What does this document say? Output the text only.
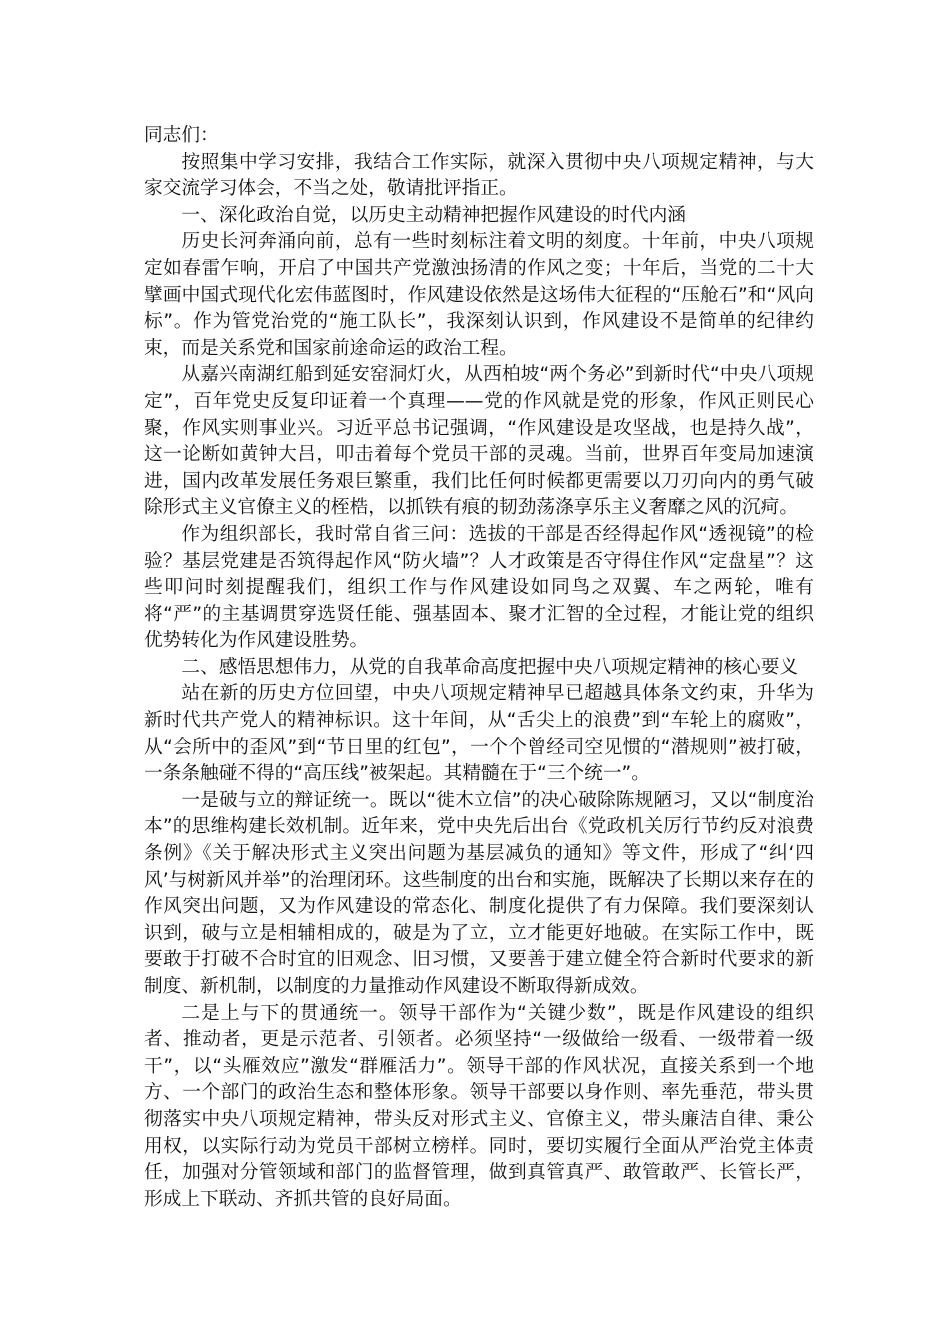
同志们：

按照集中学习安排，我结合工作实际，就深入贯彻中央八项规定精神，与大家交流学习体会，不当之处，敬请批评指正。

一、深化政治自觉，以历史主动精神把握作风建设的时代内涵

历史长河奔涌向前，总有一些时刻标注着文明的刻度。十年前，中央八项规定如春雷乍响，开启了中国共产党激浊扬清的作风之变；十年后，当党的二十大擘画中国式现代化宏伟蓝图时，作风建设依然是这场伟大征程的“压舱石”和“风向标”。作为管党治党的“施工队长”，我深刻认识到，作风建设不是简单的纪律约束，而是关系党和国家前途命运的政治工程。

从嘉兴南湖红船到延安窑洞灯火，从西柏坡“两个务必”到新时代“中央八项规定”，百年党史反复印证着一个真理——党的作风就是党的形象，作风正则民心聚，作风实则事业兴。习近平总书记强调，“作风建设是攻坚战，也是持久战”，这一论断如黄钟大吕，叩击着每个党员干部的灵魂。当前，世界百年变局加速演进，国内改革发展任务艰巨繁重，我们比任何时候都更需要以刀刃向内的勇气破除形式主义官僚主义的桎梏，以抓铁有痕的韧劲荡涤享乐主义奢靡之风的沉疴。

作为组织部长，我时常自省三问：选拔的干部是否经得起作风“透视镜”的检验？基层党建是否筑得起作风“防火墙”？人才政策是否守得住作风“定盘星”？这些叩问时刻提醒我们，组织工作与作风建设如同鸟之双翼、车之两轮，唯有将“严”的主基调贯穿选贤任能、强基固本、聚才汇智的全过程，才能让党的组织优势转化为作风建设胜势。

二、感悟思想伟力，从党的自我革命高度把握中央八项规定精神的核心要义

站在新的历史方位回望，中央八项规定精神早已超越具体条文约束，升华为新时代共产党人的精神标识。这十年间，从“舌尖上的浪费”到“车轮上的腐败”，从“会所中的歪风”到“节日里的红包”，一个个曾经司空见惯的“潜规则”被打破，一条条触碰不得的“高压线”被架起。其精髓在于“三个统一”。

一是破与立的辩证统一。既以“徙木立信”的决心破除陈规陋习，又以“制度治本”的思维构建长效机制。近年来，党中央先后出台《党政机关厉行节约反对浪费条例》《关于解决形式主义突出问题为基层减负的通知》等文件，形成了“纠‘四风’与树新风并举”的治理闭环。这些制度的出台和实施，既解决了长期以来存在的作风突出问题，又为作风建设的常态化、制度化提供了有力保障。我们要深刻认识到，破与立是相辅相成的，破是为了立，立才能更好地破。在实际工作中，既要敢于打破不合时宜的旧观念、旧习惯，又要善于建立健全符合新时代要求的新制度、新机制，以制度的力量推动作风建设不断取得新成效。

二是上与下的贯通统一。领导干部作为“关键少数”，既是作风建设的组织者、推动者，更是示范者、引领者。必须坚持“一级做给一级看、一级带着一级干”，以“头雁效应”激发“群雁活力”。领导干部的作风状况，直接关系到一个地方、一个部门的政治生态和整体形象。领导干部要以身作则、率先垂范，带头贯彻落实中央八项规定精神，带头反对形式主义、官僚主义，带头廉洁自律、秉公用权，以实际行动为党员干部树立榜样。同时，要切实履行全面从严治党主体责任，加强对分管领域和部门的监督管理，做到真管真严、敢管敢严、长管长严，形成上下联动、齐抓共管的良好局面。
